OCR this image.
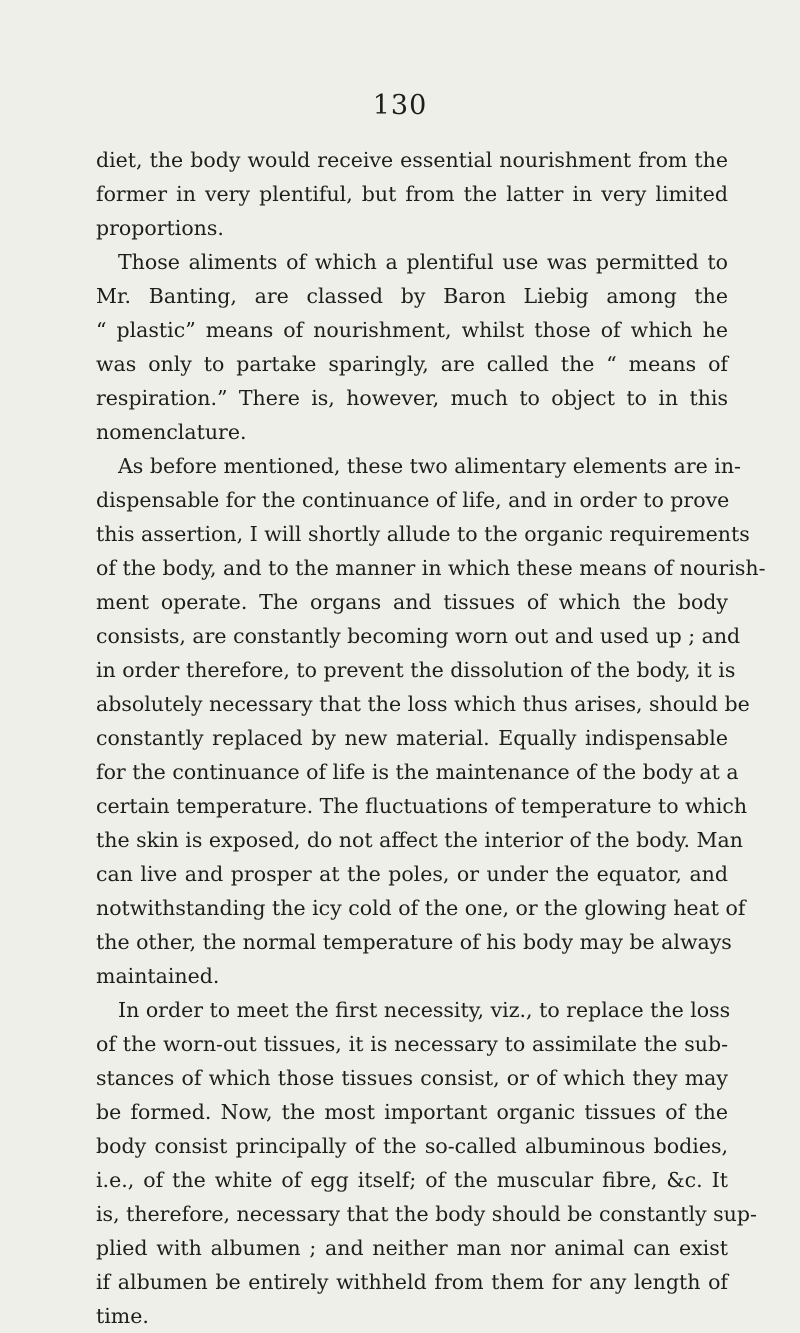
130
diet, the body would receive essential nourishment from the
former in very plentiful, but from the latter in very limited
proportions.
Those aliments of which a plentiful use was permitted to
Mr. Banting, are classed by Baron Liebig among the
“ plastic” means of nourishment, whilst those of which he
was only to partake sparingly, are called the “ means of
respiration.” There is, however, much to object to in this
nomenclature.
As before mentioned, these two alimentary elements are in-
dispensable for the continuance of life, and in order to prove
this assertion, I will shortly allude to the organic requirements
of the body, and to the manner in which these means of nourish-
ment operate. The organs and tissues of which the body
consists, are constantly becoming worn out and used up ; and
in order therefore, to prevent the dissolution of the body, it is
absolutely necessary that the loss which thus arises, should be
constantly replaced by new material. Equally indispensable
for the continuance of life is the maintenance of the body at a
certain temperature. The fluctuations of temperature to which
the skin is exposed, do not affect the interior of the body. Man
can live and prosper at the poles, or under the equator, and
notwithstanding the icy cold of the one, or the glowing heat of
the other, the normal temperature of his body may be always
maintained.
In order to meet the first necessity, viz., to replace the loss
of the worn-out tissues, it is necessary to assimilate the sub-
stances of which those tissues consist, or of which they may
be formed. Now, the most important organic tissues of the
body consist principally of the so-called albuminous bodies,
i.e., of the white of egg itself; of the muscular fibre, &c. It
is, therefore, necessary that the body should be constantly sup-
plied with albumen ; and neither man nor animal can exist
if albumen be entirely withheld from them for any length of
time.
